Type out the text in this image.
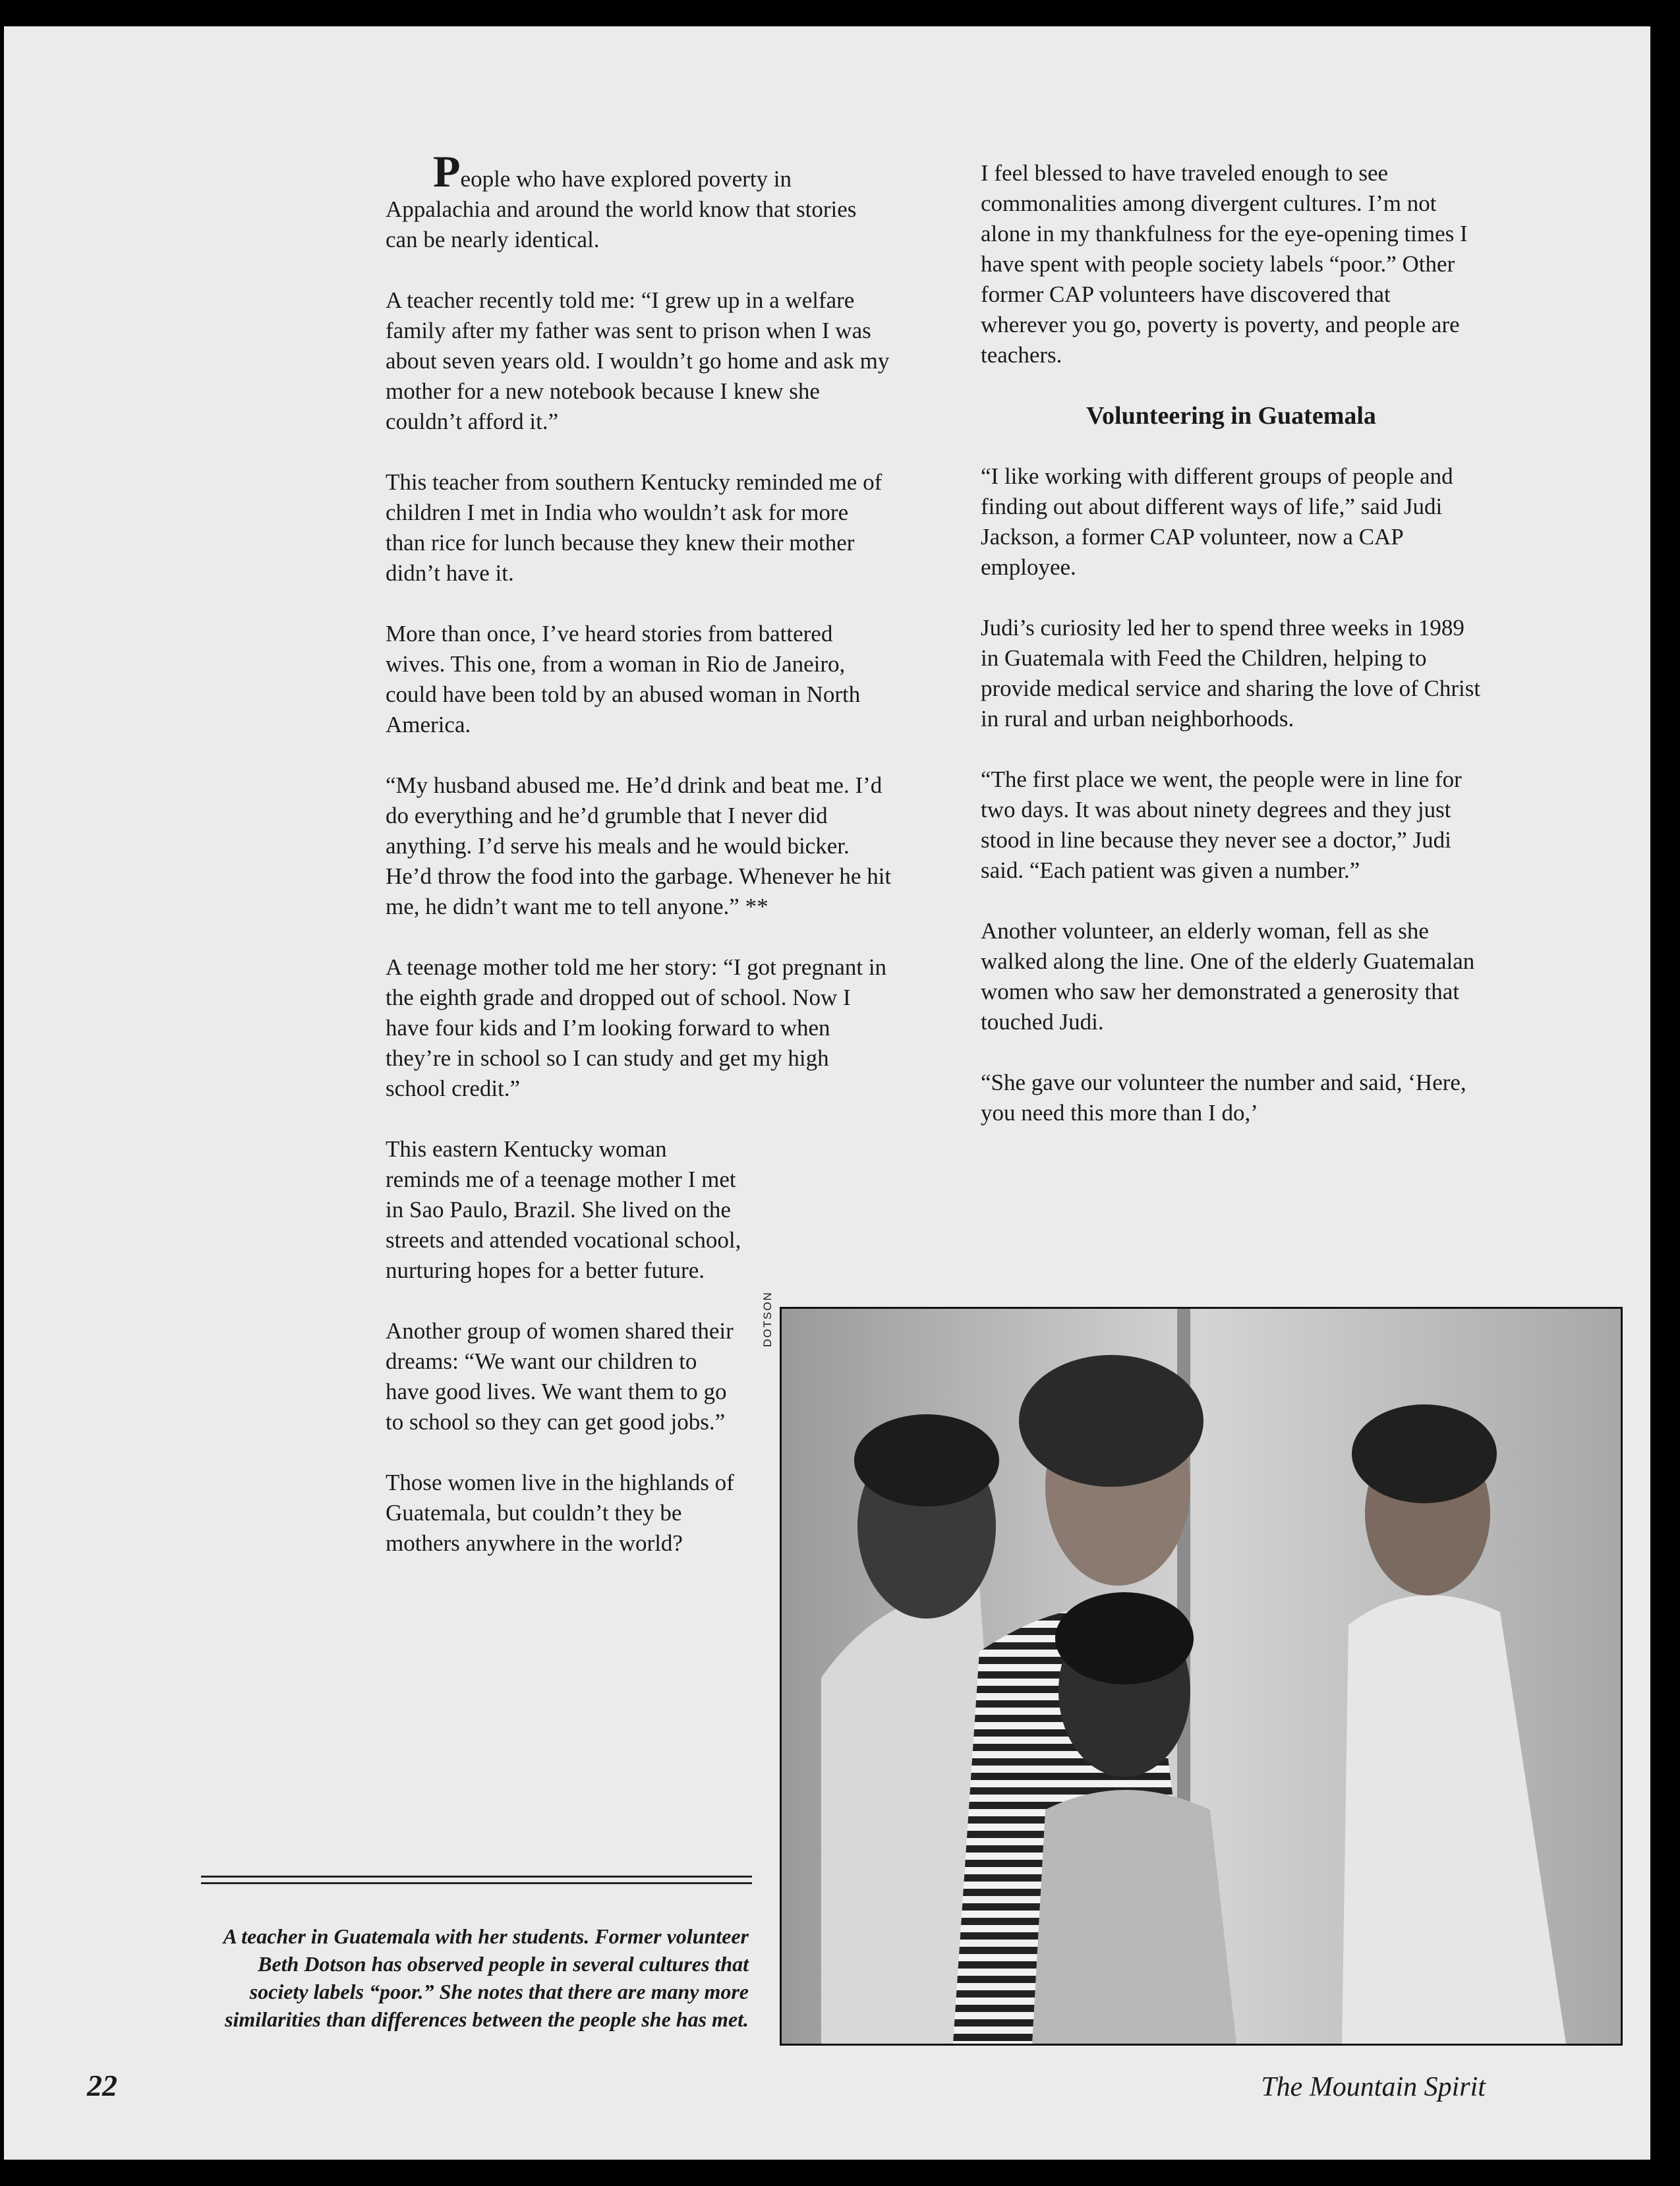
People who have explored poverty in Appalachia and around the world know that stories can be nearly identical.

A teacher recently told me: “I grew up in a welfare family after my father was sent to prison when I was about seven years old. I wouldn’t go home and ask my mother for a new notebook because I knew she couldn’t afford it.”

This teacher from southern Kentucky reminded me of children I met in India who wouldn’t ask for more than rice for lunch because they knew their mother didn’t have it.

More than once, I’ve heard stories from battered wives. This one, from a woman in Rio de Janeiro, could have been told by an abused woman in North America.

“My husband abused me. He’d drink and beat me. I’d do everything and he’d grumble that I never did anything. I’d serve his meals and he would bicker. He’d throw the food into the garbage. Whenever he hit me, he didn’t want me to tell anyone.” **

A teenage mother told me her story: “I got pregnant in the eighth grade and dropped out of school. Now I have four kids and I’m looking forward to when they’re in school so I can study and get my high school credit.”

This eastern Kentucky woman reminds me of a teenage mother I met in Sao Paulo, Brazil. She lived on the streets and attended vocational school, nurturing hopes for a better future.

Another group of women shared their dreams: “We want our children to have good lives. We want them to go to school so they can get good jobs.”

Those women live in the highlands of Guatemala, but couldn’t they be mothers anywhere in the world?

I feel blessed to have traveled enough to see commonalities among divergent cultures. I’m not alone in my thankfulness for the eye-opening times I have spent with people society labels “poor.” Other former CAP volunteers have discovered that wherever you go, poverty is poverty, and people are teachers.

Volunteering in Guatemala

“I like working with different groups of people and finding out about different ways of life,” said Judi Jackson, a former CAP volunteer, now a CAP employee.

Judi’s curiosity led her to spend three weeks in 1989 in Guatemala with Feed the Children, helping to provide medical service and sharing the love of Christ in rural and urban neighborhoods.

“The first place we went, the people were in line for two days. It was about ninety degrees and they just stood in line because they never see a doctor,” Judi said. “Each patient was given a number.”

Another volunteer, an elderly woman, fell as she walked along the line. One of the elderly Guatemalan women who saw her demonstrated a generosity that touched Judi.

“She gave our volunteer the number and said, ‘Here, you need this more than I do,’

DOTSON
A teacher in Guatemala with her students. Former volunteer Beth Dotson has observed people in several cultures that society labels “poor.” She notes that there are many more similarities than differences between the people she has met.
22	The Mountain Spirit
